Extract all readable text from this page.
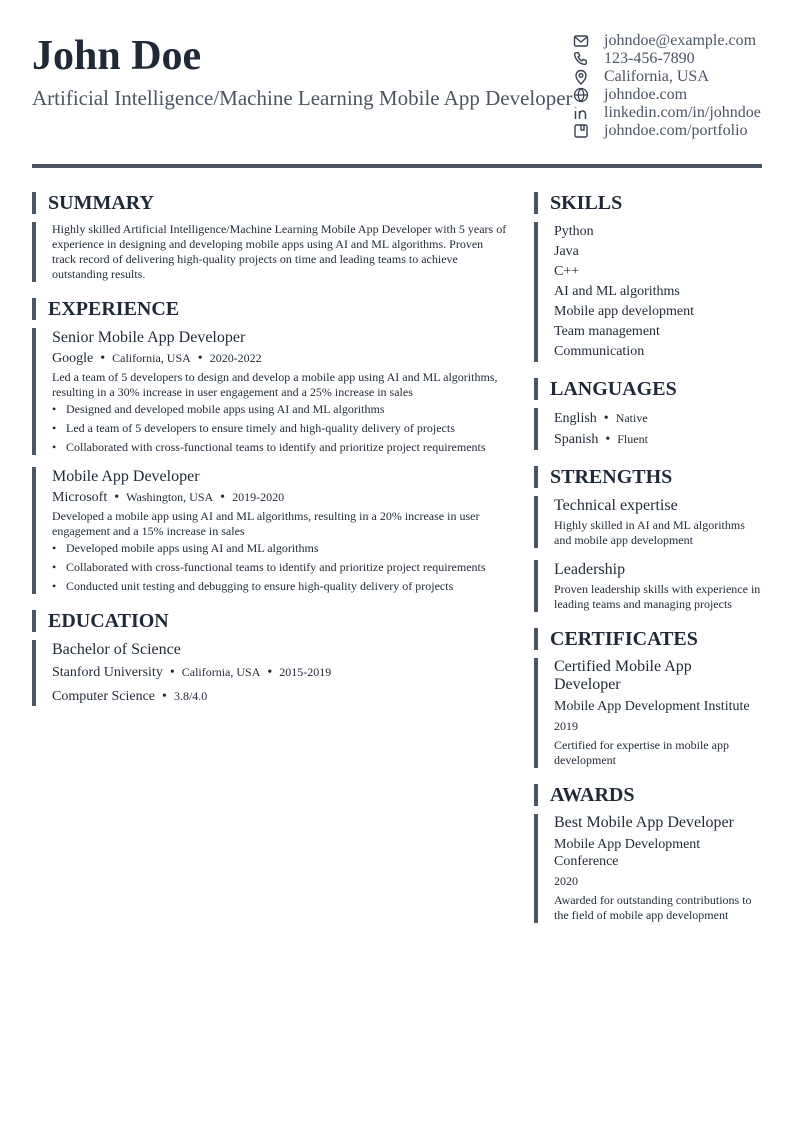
John Doe

Artificial Intelligence/Machine Learning Mobile App Developer

johndoe@example.com
123-456-7890
California, USA
johndoe.com
linkedin.com/in/johndoe
johndoe.com/portfolio
SUMMARY
Highly skilled Artificial Intelligence/Machine Learning Mobile App Developer with 5 years of experience in designing and developing mobile apps using AI and ML algorithms. Proven track record of delivering high-quality projects on time and leading teams to achieve outstanding results.
EXPERIENCE
Senior Mobile App Developer
Google • California, USA • 2020-2022
Led a team of 5 developers to design and develop a mobile app using AI and ML algorithms, resulting in a 30% increase in user engagement and a 25% increase in sales
• Designed and developed mobile apps using AI and ML algorithms
• Led a team of 5 developers to ensure timely and high-quality delivery of projects
• Collaborated with cross-functional teams to identify and prioritize project requirements
Mobile App Developer
Microsoft • Washington, USA • 2019-2020
Developed a mobile app using AI and ML algorithms, resulting in a 20% increase in user engagement and a 15% increase in sales
• Developed mobile apps using AI and ML algorithms
• Collaborated with cross-functional teams to identify and prioritize project requirements
• Conducted unit testing and debugging to ensure high-quality delivery of projects
EDUCATION
Bachelor of Science
Stanford University • California, USA • 2015-2019
Computer Science • 3.8/4.0
SKILLS
Python
Java
C++
AI and ML algorithms
Mobile app development
Team management
Communication
LANGUAGES
English • Native
Spanish • Fluent
STRENGTHS
Technical expertise
Highly skilled in AI and ML algorithms and mobile app development
Leadership
Proven leadership skills with experience in leading teams and managing projects
CERTIFICATES
Certified Mobile App Developer
Mobile App Development Institute
2019
Certified for expertise in mobile app development
AWARDS
Best Mobile App Developer
Mobile App Development Conference
2020
Awarded for outstanding contributions to the field of mobile app development
